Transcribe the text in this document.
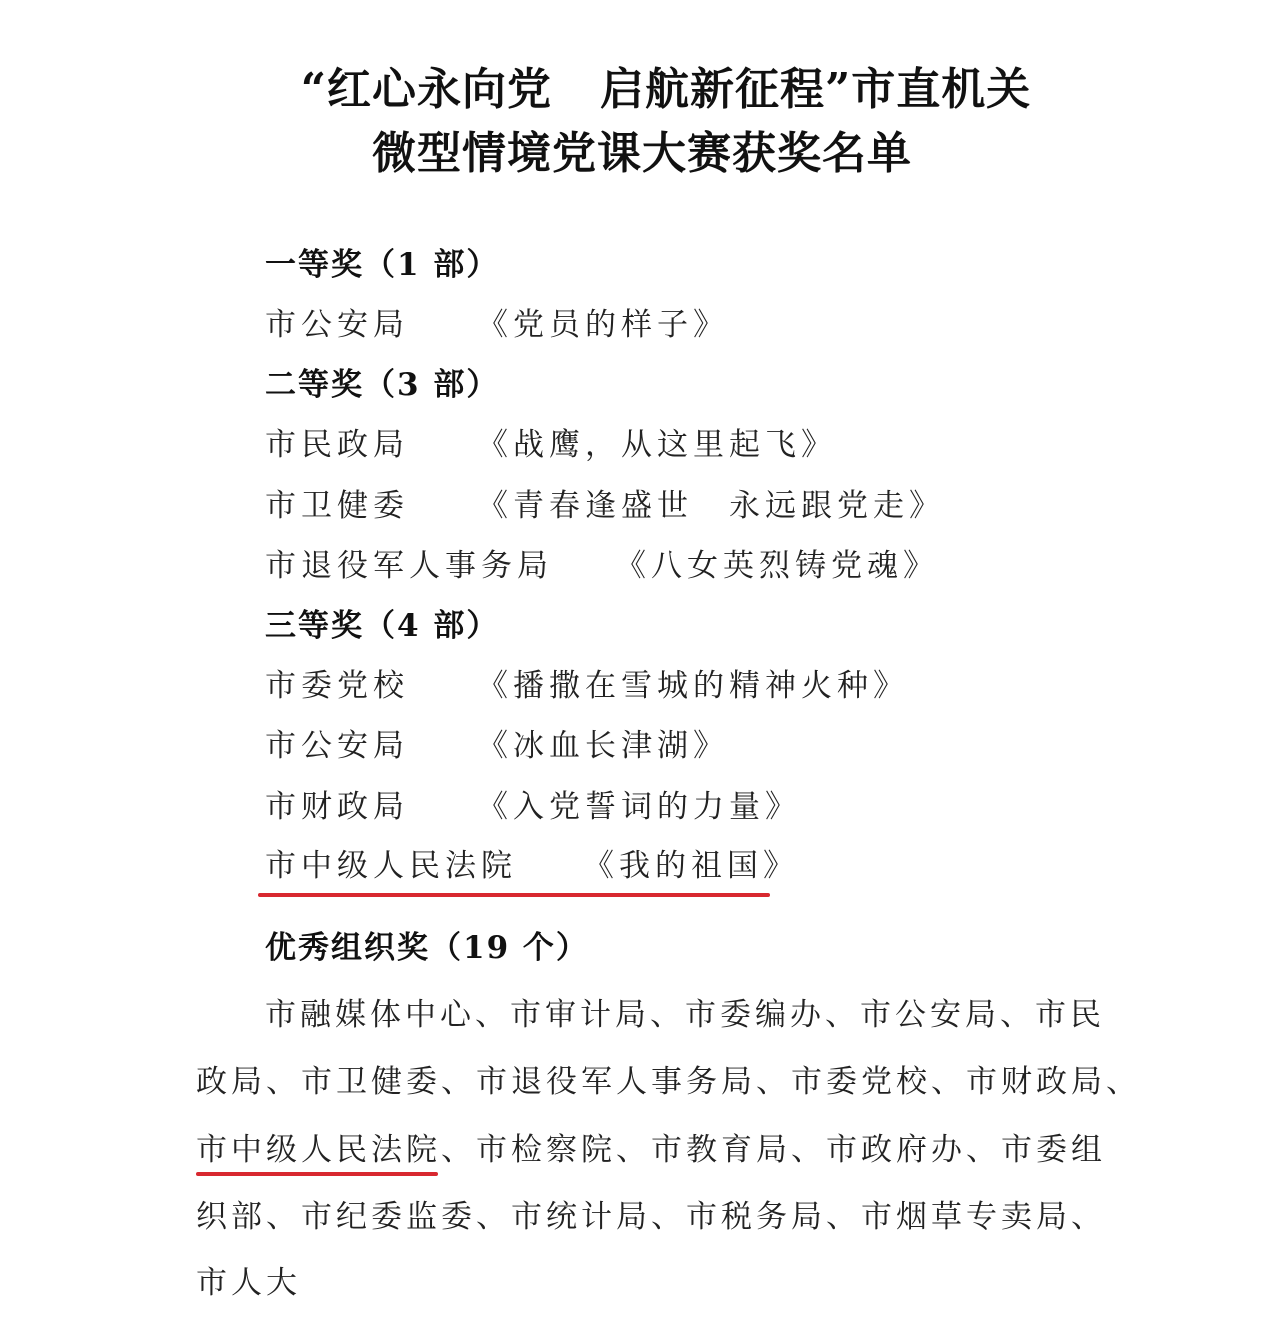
“红心永向党 启航新征程”市直机关
微型情境党课大赛获奖名单
一等奖（1 部）
市公安局 《党员的样子》
二等奖（3 部）
市民政局 《战鹰，从这里起飞》
市卫健委 《青春逢盛世　永远跟党走》
市退役军人事务局 《八女英烈铸党魂》
三等奖（4 部）
市委党校 《播撒在雪城的精神火种》
市公安局 《冰血长津湖》
市财政局 《入党誓词的力量》
市中级人民法院 《我的祖国》
优秀组织奖（19 个）
市融媒体中心、市审计局、市委编办、市公安局、市民
政局、市卫健委、市退役军人事务局、市委党校、市财政局、
市中级人民法院、市检察院、市教育局、市政府办、市委组
织部、市纪委监委、市统计局、市税务局、市烟草专卖局、
市人大
